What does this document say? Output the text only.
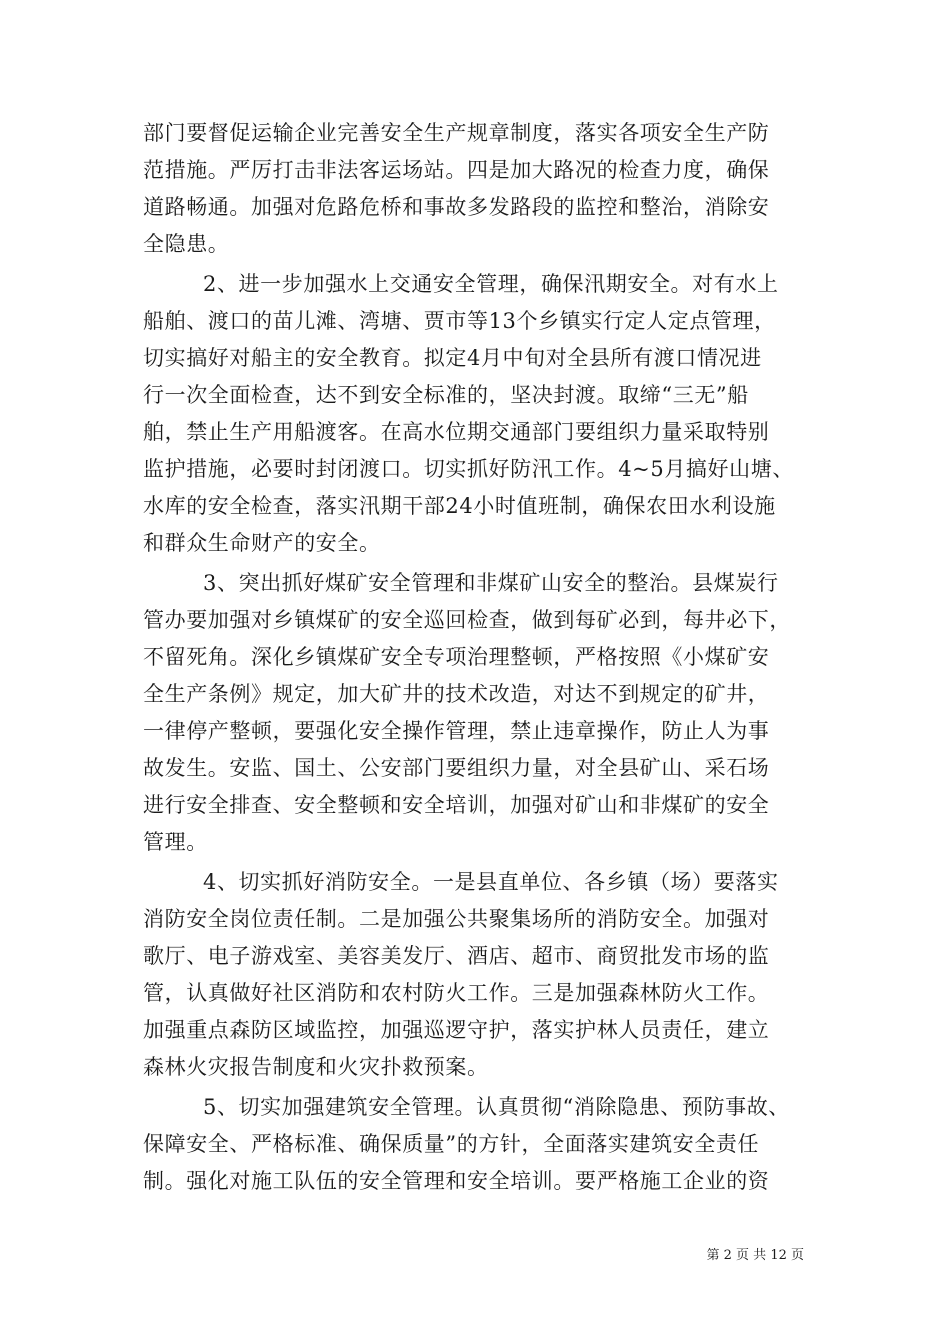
部门要督促运输企业完善安全生产规章制度，落实各项安全生产防
范措施。严厉打击非法客运场站。四是加大路况的检查力度，确保
道路畅通。加强对危路危桥和事故多发路段的监控和整治，消除安
全隐患。
2、进一步加强水上交通安全管理，确保汛期安全。对有水上
船舶、渡口的苗儿滩、湾塘、贾市等13个乡镇实行定人定点管理，
切实搞好对船主的安全教育。拟定4月中旬对全县所有渡口情况进
行一次全面检查，达不到安全标准的，坚决封渡。取缔“三无”船
舶，禁止生产用船渡客。在高水位期交通部门要组织力量采取特别
监护措施，必要时封闭渡口。切实抓好防汛工作。4~5月搞好山塘、
水库的安全检查，落实汛期干部24小时值班制，确保农田水利设施
和群众生命财产的安全。
3、突出抓好煤矿安全管理和非煤矿山安全的整治。县煤炭行
管办要加强对乡镇煤矿的安全巡回检查，做到每矿必到，每井必下，
不留死角。深化乡镇煤矿安全专项治理整顿，严格按照《小煤矿安
全生产条例》规定，加大矿井的技术改造，对达不到规定的矿井，
一律停产整顿，要强化安全操作管理，禁止违章操作，防止人为事
故发生。安监、国土、公安部门要组织力量，对全县矿山、采石场
进行安全排查、安全整顿和安全培训，加强对矿山和非煤矿的安全
管理。
4、切实抓好消防安全。一是县直单位、各乡镇（场）要落实
消防安全岗位责任制。二是加强公共聚集场所的消防安全。加强对
歌厅、电子游戏室、美容美发厅、酒店、超市、商贸批发市场的监
管，认真做好社区消防和农村防火工作。三是加强森林防火工作。
加强重点森防区域监控，加强巡逻守护，落实护林人员责任，建立
森林火灾报告制度和火灾扑救预案。
5、切实加强建筑安全管理。认真贯彻“消除隐患、预防事故、
保障安全、严格标准、确保质量”的方针，全面落实建筑安全责任
制。强化对施工队伍的安全管理和安全培训。要严格施工企业的资
第 2 页 共 12 页
